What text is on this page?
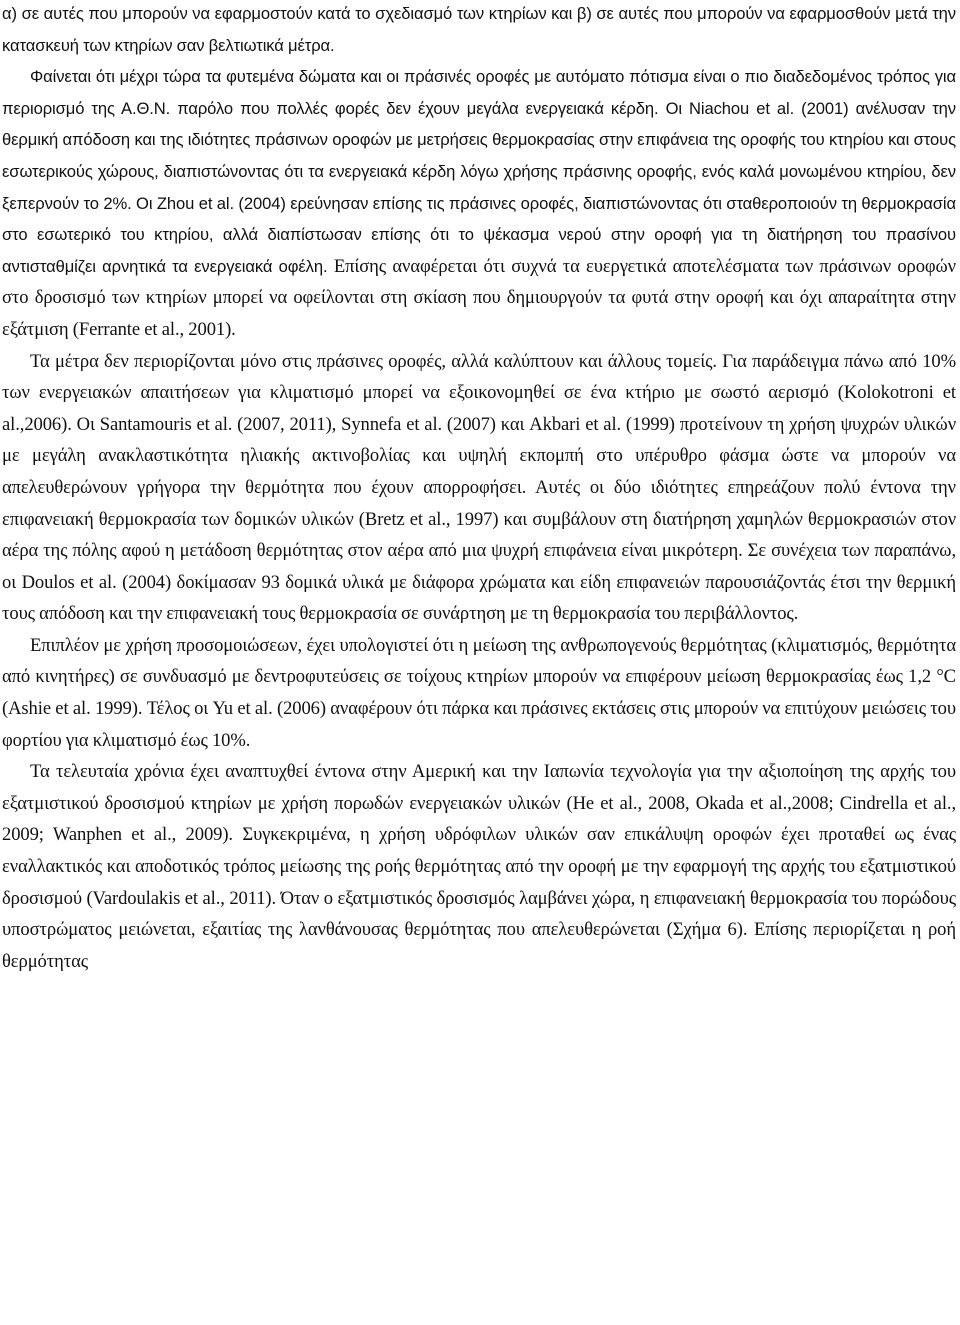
α) σε αυτές που μπορούν να εφαρμοστούν κατά το σχεδιασμό των κτηρίων και β) σε αυτές που μπορούν να εφαρμοσθούν μετά την κατασκευή των κτηρίων σαν βελτιωτικά μέτρα.

Φαίνεται ότι μέχρι τώρα τα φυτεμένα δώματα και οι πράσινές οροφές με αυτόματο πότισμα είναι ο πιο διαδεδομένος τρόπος για περιορισμό της Α.Θ.Ν. παρόλο που πολλές φορές δεν έχουν μεγάλα ενεργειακά κέρδη. Οι Niachou et al. (2001) ανέλυσαν την θερμική απόδοση και της ιδιότητες πράσινων οροφών με μετρήσεις θερμοκρασίας στην επιφάνεια της οροφής του κτηρίου και στους εσωτερικούς χώρους, διαπιστώνοντας ότι τα ενεργειακά κέρδη λόγω χρήσης πράσινης οροφής, ενός καλά μονωμένου κτηρίου, δεν ξεπερνούν το 2%. Οι Zhou et al. (2004) ερεύνησαν επίσης τις πράσινες οροφές, διαπιστώνοντας ότι σταθεροποιούν τη θερμοκρασία στο εσωτερικό του κτηρίου, αλλά διαπίστωσαν επίσης ότι το ψέκασμα νερού στην οροφή για τη διατήρηση του πρασίνου αντισταθμίζει αρνητικά τα ενεργειακά οφέλη. Επίσης αναφέρεται ότι συχνά τα ευεργετικά αποτελέσματα των πράσινων οροφών στο δροσισμό των κτηρίων μπορεί να οφείλονται στη σκίαση που δημιουργούν τα φυτά στην οροφή και όχι απαραίτητα στην εξάτμιση (Ferrante et al., 2001).

Τα μέτρα δεν περιορίζονται μόνο στις πράσινες οροφές, αλλά καλύπτουν και άλλους τομείς. Για παράδειγμα πάνω από 10% των ενεργειακών απαιτήσεων για κλιματισμό μπορεί να εξοικονομηθεί σε ένα κτήριο με σωστό αερισμό (Kolokotroni et al.,2006). Οι Santamouris et al. (2007, 2011), Synnefa et al. (2007) και Akbari et al. (1999) προτείνουν τη χρήση ψυχρών υλικών με μεγάλη ανακλαστικότητα ηλιακής ακτινοβολίας και υψηλή εκπομπή στο υπέρυθρο φάσμα ώστε να μπορούν να απελευθερώνουν γρήγορα την θερμότητα που έχουν απορροφήσει. Αυτές οι δύο ιδιότητες επηρεάζουν πολύ έντονα την επιφανειακή θερμοκρασία των δομικών υλικών (Bretz et al., 1997) και συμβάλουν στη διατήρηση χαμηλών θερμοκρασιών στον αέρα της πόλης αφού η μετάδοση θερμότητας στον αέρα από μια ψυχρή επιφάνεια είναι μικρότερη. Σε συνέχεια των παραπάνω, οι Doulos et al. (2004) δοκίμασαν 93 δομικά υλικά με διάφορα χρώματα και είδη επιφανειών παρουσιάζοντάς έτσι την θερμική τους απόδοση και την επιφανειακή τους θερμοκρασία σε συνάρτηση με τη θερμοκρασία του περιβάλλοντος.

Επιπλέον με χρήση προσομοιώσεων, έχει υπολογιστεί ότι η μείωση της ανθρωπογενούς θερμότητας (κλιματισμός, θερμότητα από κινητήρες) σε συνδυασμό με δεντροφυτεύσεις σε τοίχους κτηρίων μπορούν να επιφέρουν μείωση θερμοκρασίας έως 1,2 °C (Ashie et al. 1999). Τέλος οι Yu et al. (2006) αναφέρουν ότι πάρκα και πράσινες εκτάσεις στις μπορούν να επιτύχουν μειώσεις του φορτίου για κλιματισμό έως 10%.

Τα τελευταία χρόνια έχει αναπτυχθεί έντονα στην Αμερική και την Ιαπωνία τεχνολογία για την αξιοποίηση της αρχής του εξατμιστικού δροσισμού κτηρίων με χρήση πορωδών ενεργειακών υλικών (He et al., 2008, Okada et al.,2008; Cindrella et al., 2009; Wanphen et al., 2009). Συγκεκριμένα, η χρήση υδρόφιλων υλικών σαν επικάλυψη οροφών έχει προταθεί ως ένας εναλλακτικός και αποδοτικός τρόπος μείωσης της ροής θερμότητας από την οροφή με την εφαρμογή της αρχής του εξατμιστικού δροσισμού (Vardoulakis et al., 2011). Όταν ο εξατμιστικός δροσισμός λαμβάνει χώρα, η επιφανειακή θερμοκρασία του πορώδους υποστρώματος μειώνεται, εξαιτίας της λανθάνουσας θερμότητας που απελευθερώνεται (Σχήμα 6). Επίσης περιορίζεται η ροή θερμότητας
